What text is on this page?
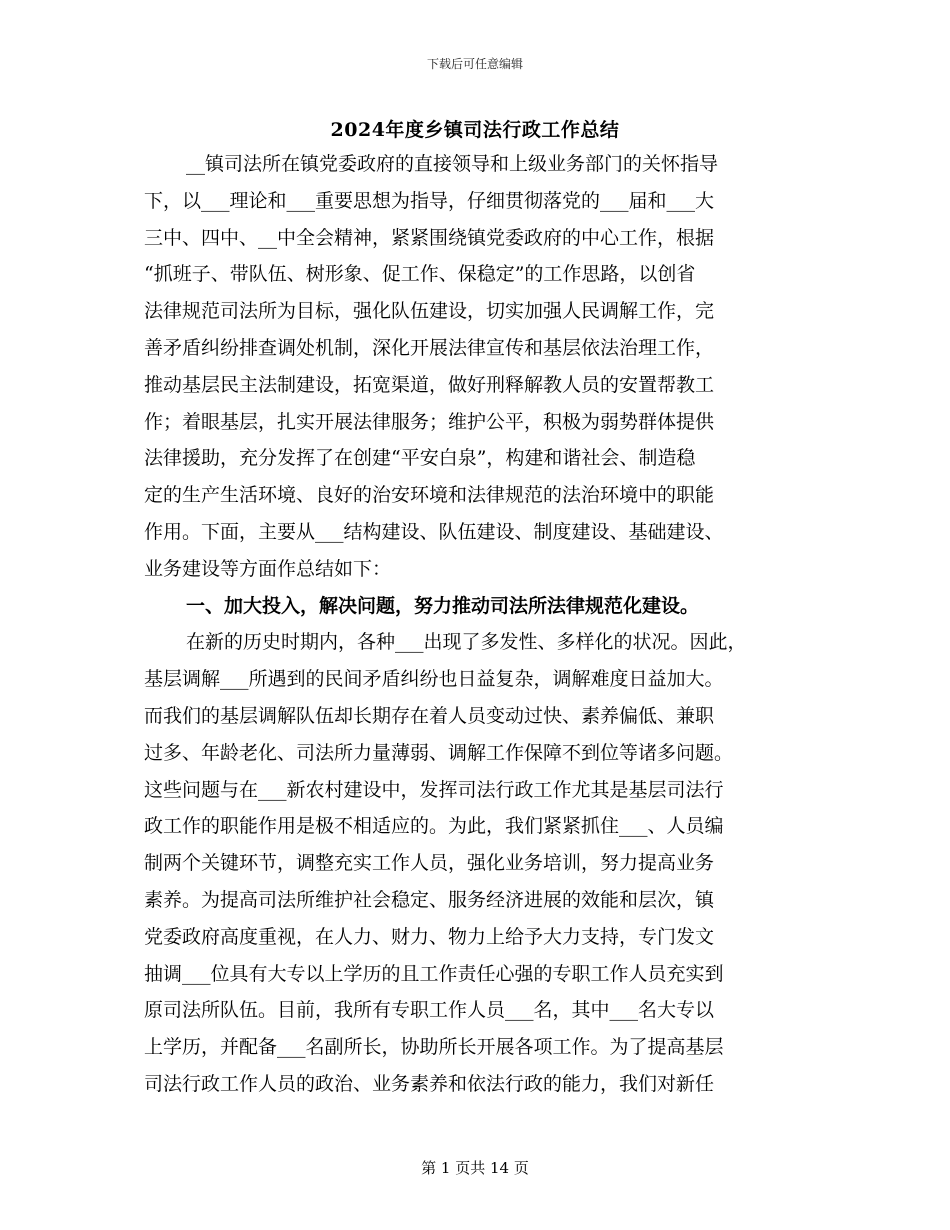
下载后可任意编辑
2024年度乡镇司法行政工作总结
__镇司法所在镇党委政府的直接领导和上级业务部门的关怀指导
下，以___理论和___重要思想为指导，仔细贯彻落党的___届和___大
三中、四中、__中全会精神，紧紧围绕镇党委政府的中心工作，根据
“抓班子、带队伍、树形象、促工作、保稳定”的工作思路，以创省
法律规范司法所为目标，强化队伍建设，切实加强人民调解工作，完
善矛盾纠纷排查调处机制，深化开展法律宣传和基层依法治理工作，
推动基层民主法制建设，拓宽渠道，做好刑释解教人员的安置帮教工
作；着眼基层，扎实开展法律服务；维护公平，积极为弱势群体提供
法律援助，充分发挥了在创建“平安白泉”，构建和谐社会、制造稳
定的生产生活环境、良好的治安环境和法律规范的法治环境中的职能
作用。下面，主要从___结构建设、队伍建设、制度建设、基础建设、
业务建设等方面作总结如下：
一、加大投入，解决问题，努力推动司法所法律规范化建设。
在新的历史时期内，各种___出现了多发性、多样化的状况。因此，
基层调解___所遇到的民间矛盾纠纷也日益复杂，调解难度日益加大。
而我们的基层调解队伍却长期存在着人员变动过快、素养偏低、兼职
过多、年龄老化、司法所力量薄弱、调解工作保障不到位等诸多问题。
这些问题与在___新农村建设中，发挥司法行政工作尤其是基层司法行
政工作的职能作用是极不相适应的。为此，我们紧紧抓住___、人员编
制两个关键环节，调整充实工作人员，强化业务培训，努力提高业务
素养。为提高司法所维护社会稳定、服务经济进展的效能和层次，镇
党委政府高度重视，在人力、财力、物力上给予大力支持，专门发文
抽调___位具有大专以上学历的且工作责任心强的专职工作人员充实到
原司法所队伍。目前，我所有专职工作人员___名，其中___名大专以
上学历，并配备___名副所长，协助所长开展各项工作。为了提高基层
司法行政工作人员的政治、业务素养和依法行政的能力，我们对新任
第 1 页共 14 页
